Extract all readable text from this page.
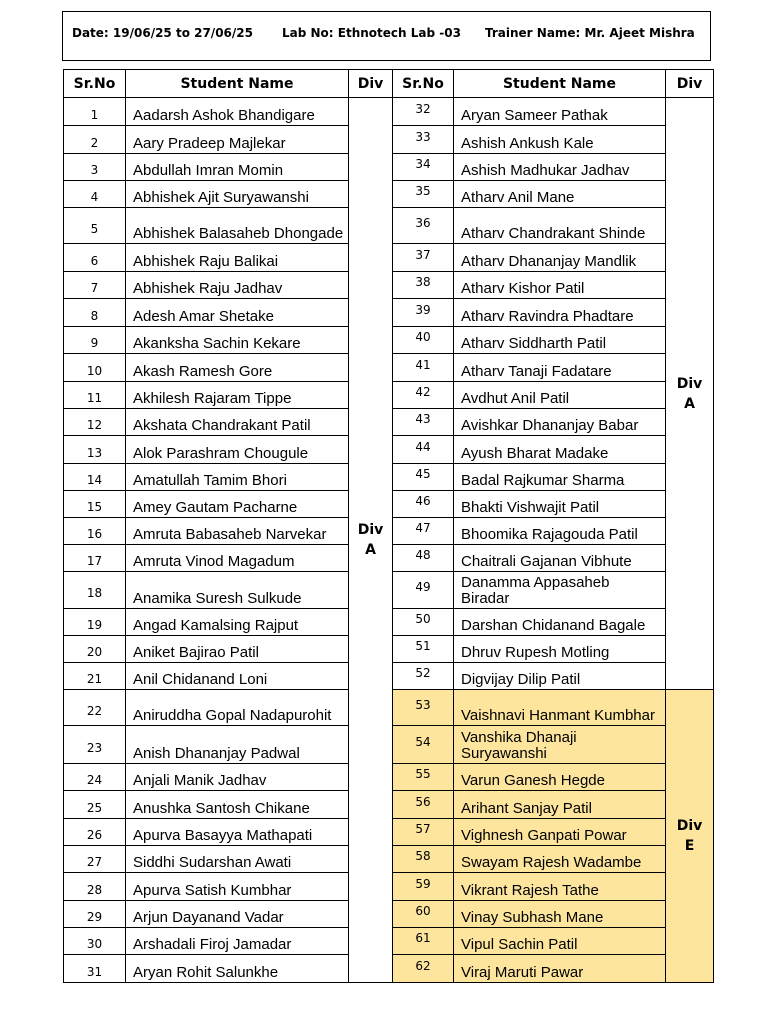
Date: 19/06/25 to 27/06/25 Lab No: Ethnotech Lab -03 Trainer Name: Mr. Ajeet Mishra
Sr.No	Student Name	Div	Sr.No	Student Name	Div
1	Aadarsh Ashok Bhandigare	Div A	32	Aryan Sameer Pathak	Div A
2	Aary Pradeep Majlekar		33	Ashish Ankush Kale	
3	Abdullah Imran Momin		34	Ashish Madhukar Jadhav	
4	Abhishek Ajit Suryawanshi		35	Atharv Anil Mane	
5	Abhishek Balasaheb Dhongade		36	Atharv Chandrakant Shinde	
6	Abhishek Raju Balikai		37	Atharv Dhananjay Mandlik	
7	Abhishek Raju Jadhav		38	Atharv Kishor Patil	
8	Adesh Amar Shetake		39	Atharv Ravindra Phadtare	
9	Akanksha Sachin Kekare		40	Atharv Siddharth Patil	
10	Akash Ramesh Gore		41	Atharv Tanaji Fadatare	
11	Akhilesh Rajaram Tippe		42	Avdhut Anil Patil	
12	Akshata Chandrakant Patil		43	Avishkar Dhananjay Babar	
13	Alok Parashram Chougule		44	Ayush Bharat Madake	
14	Amatullah Tamim Bhori		45	Badal Rajkumar Sharma	
15	Amey Gautam Pacharne		46	Bhakti Vishwajit Patil	
16	Amruta Babasaheb Narvekar		47	Bhoomika Rajagouda Patil	
17	Amruta Vinod Magadum		48	Chaitrali Gajanan Vibhute	
18	Anamika Suresh Sulkude		49	Danamma Appasaheb Biradar	
19	Angad Kamalsing Rajput		50	Darshan Chidanand Bagale	
20	Aniket Bajirao Patil		51	Dhruv Rupesh Motling	
21	Anil Chidanand Loni		52	Digvijay Dilip Patil	
22	Aniruddha Gopal Nadapurohit		53	Vaishnavi Hanmant Kumbhar	Div E
23	Anish Dhananjay Padwal		54	Vanshika Dhanaji Suryawanshi	
24	Anjali Manik Jadhav		55	Varun Ganesh Hegde	
25	Anushka Santosh Chikane		56	Arihant Sanjay Patil	
26	Apurva Basayya Mathapati		57	Vighnesh Ganpati Powar	
27	Siddhi Sudarshan Awati		58	Swayam Rajesh Wadambe	
28	Apurva Satish Kumbhar		59	Vikrant Rajesh Tathe	
29	Arjun Dayanand Vadar		60	Vinay Subhash Mane	
30	Arshadali Firoj Jamadar		61	Vipul Sachin Patil	
31	Aryan Rohit Salunkhe		62	Viraj Maruti Pawar	
